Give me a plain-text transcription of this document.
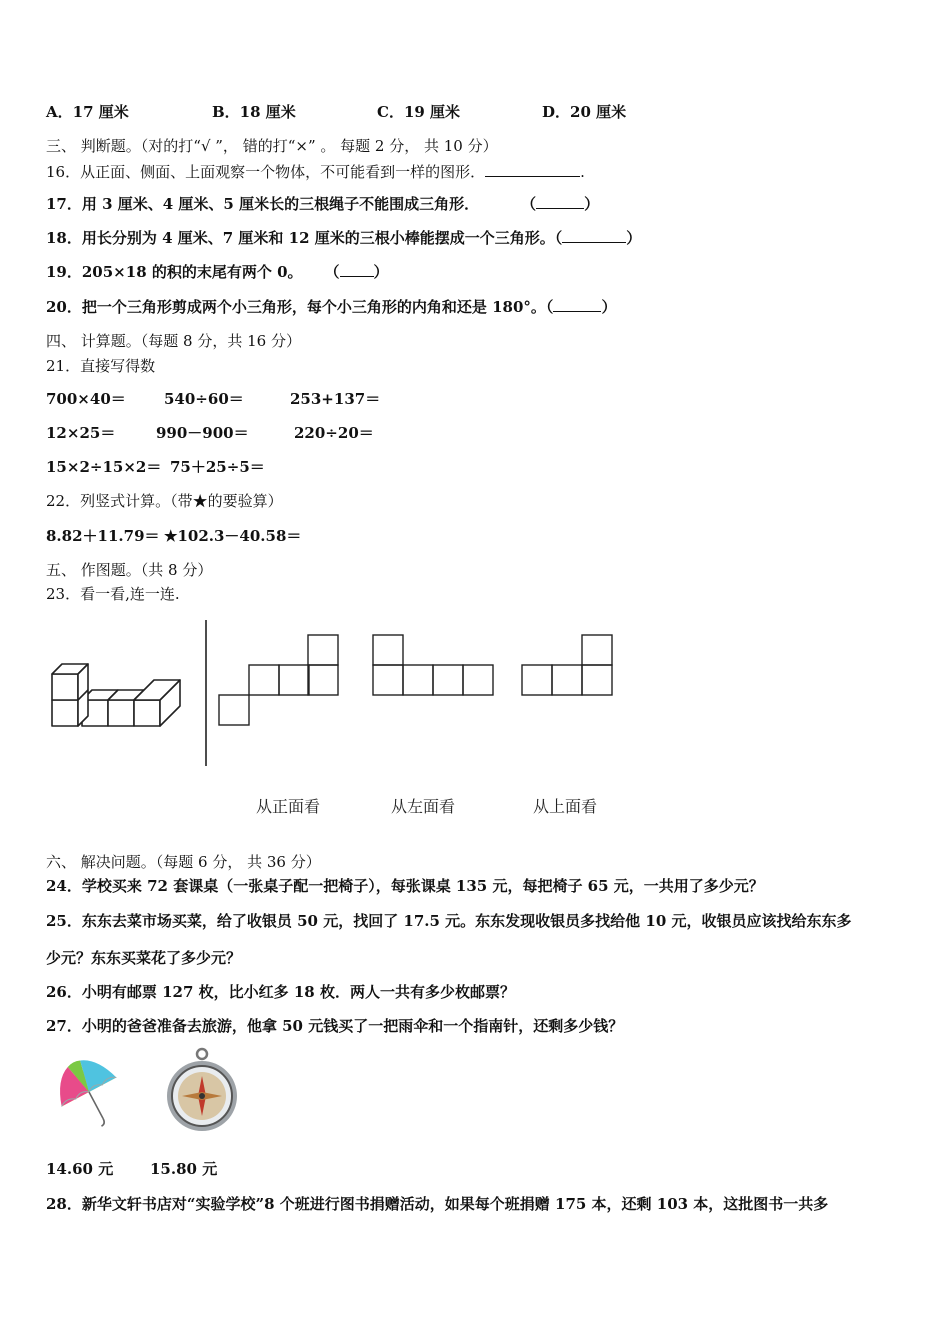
A．17 厘米	B．18 厘米	C．19 厘米	D．20 厘米
三、 判断题。（对的打“√ ”， 错的打“×” 。 每题 2 分， 共 10 分）
16．从正面、侧面、上面观察一个物体，不可能看到一样的图形．	.
17．用 3 厘米、4 厘米、5 厘米长的三根绳子不能围成三角形．	（	）
18．用长分别为 4 厘米、7 厘米和 12 厘米的三根小棒能摆成一个三角形。（	）
19．205×18 的积的末尾有两个 0。 （ ）
20．把一个三角形剪成两个小三角形，每个小三角形的内角和还是 180°。（	）
四、 计算题。（每题 8 分，共 16 分）
21．直接写得数
700×40＝	540÷60＝	253+137＝
12×25＝	990－900＝	220÷20＝
15×2÷15×2＝ 75＋25÷5＝
22．列竖式计算。（带★的要验算）
8.82＋11.79＝ ★102.3－40.58＝
五、 作图题。（共 8 分）
23．看一看,连一连.
从正面看	从左面看	从上面看
六、 解决问题。（每题 6 分， 共 36 分）
24．学校买来 72 套课桌（一张桌子配一把椅子），每张课桌 135 元，每把椅子 65 元，一共用了多少元？
25．东东去菜市场买菜，给了收银员 50 元，找回了 17.5 元。东东发现收银员多找给他 10 元，收银员应该找给东东多
少元？东东买菜花了多少元？
26．小明有邮票 127 枚，比小红多 18 枚．两人一共有多少枚邮票？
27．小明的爸爸准备去旅游，他拿 50 元钱买了一把雨伞和一个指南针，还剩多少钱？
14.60 元 15.80 元
28．新华文轩书店对“实验学校”8 个班进行图书捐赠活动，如果每个班捐赠 175 本，还剩 103 本，这批图书一共多
